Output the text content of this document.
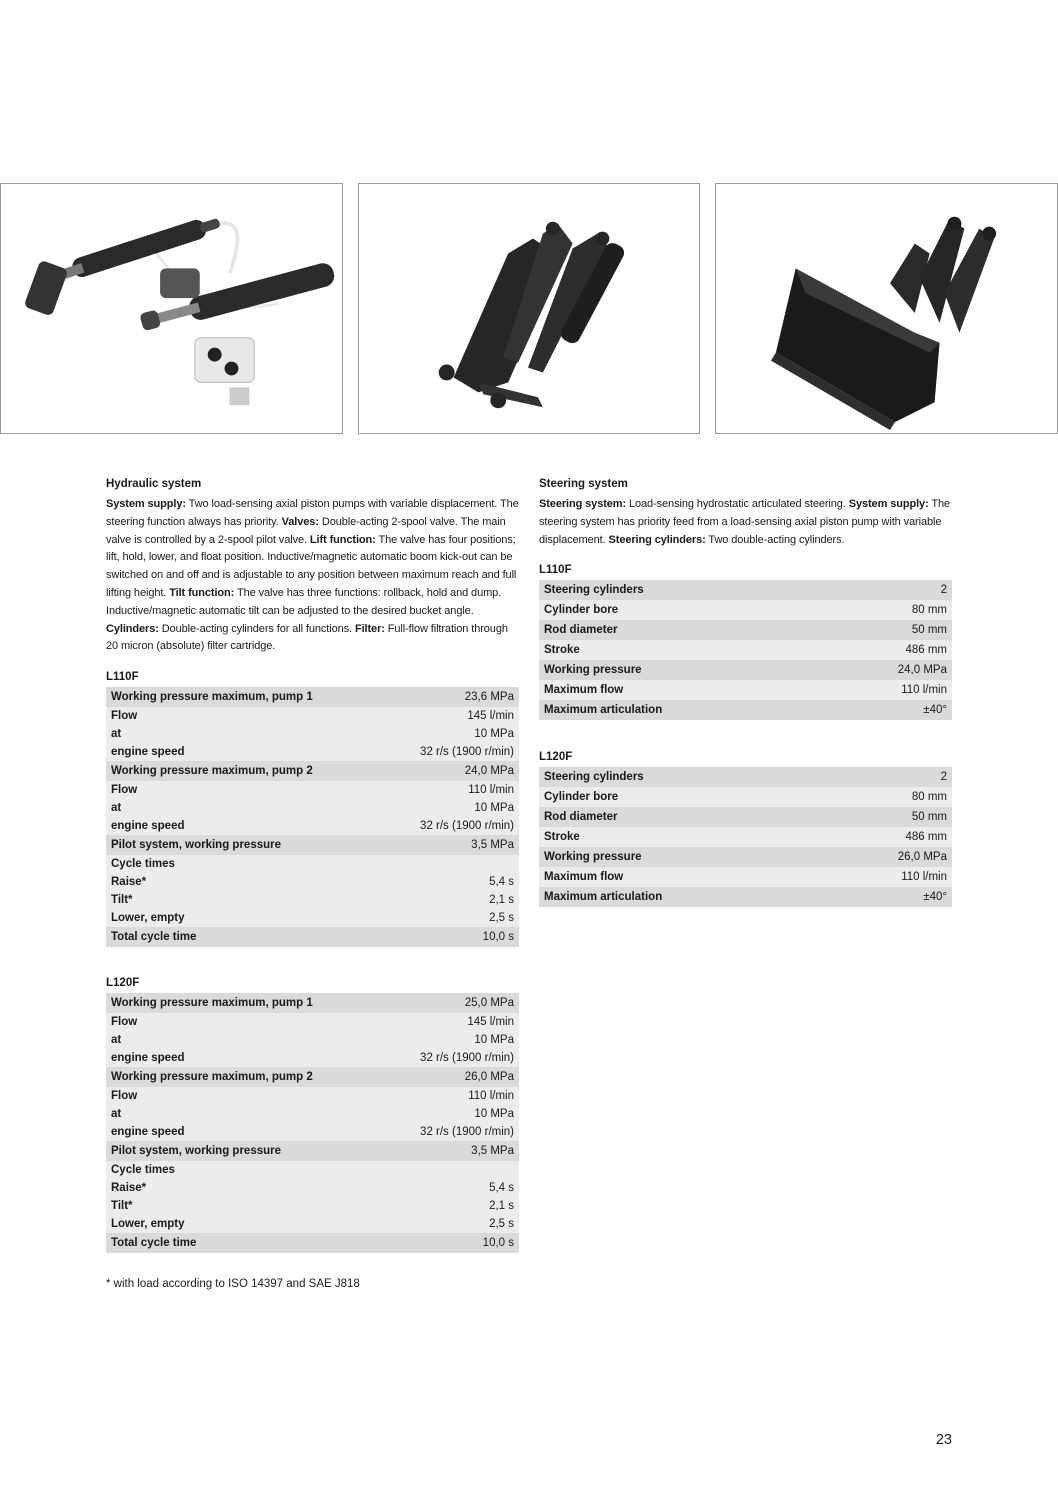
Hydraulic system

System supply: Two load-sensing axial piston pumps with variable displacement. The steering function always has priority. Valves: Double-acting 2-spool valve. The main valve is controlled by a 2-spool pilot valve. Lift function: The valve has four positions; lift, hold, lower, and float position. Inductive/magnetic automatic boom kick-out can be switched on and off and is adjustable to any position between maximum reach and full lifting height. Tilt function: The valve has three functions: rollback, hold and dump. Inductive/magnetic automatic tilt can be adjusted to the desired bucket angle. Cylinders: Double-acting cylinders for all functions. Filter: Full-flow filtration through 20 micron (absolute) filter cartridge.

L110F
Working pressure maximum, pump 1	23,6 MPa
Flow	145 l/min
at	10 MPa
engine speed	32 r/s (1900 r/min)
Working pressure maximum, pump 2	24,0 MPa
Flow	110 l/min
at	10 MPa
engine speed	32 r/s (1900 r/min)
Pilot system, working pressure	3,5 MPa
Cycle times	
Raise*	5,4 s
Tilt*	2,1 s
Lower, empty	2,5 s
Total cycle time	10,0 s
L120F
Working pressure maximum, pump 1	25,0 MPa
Flow	145 l/min
at	10 MPa
engine speed	32 r/s (1900 r/min)
Working pressure maximum, pump 2	26,0 MPa
Flow	110 l/min
at	10 MPa
engine speed	32 r/s (1900 r/min)
Pilot system, working pressure	3,5 MPa
Cycle times	
Raise*	5,4 s
Tilt*	2,1 s
Lower, empty	2,5 s
Total cycle time	10,0 s
* with load according to ISO 14397 and SAE J818
Steering system

Steering system: Load-sensing hydrostatic articulated steering. System supply: The steering system has priority feed from a load-sensing axial piston pump with variable displacement. Steering cylinders: Two double-acting cylinders.

L110F
Steering cylinders	2
Cylinder bore	80 mm
Rod diameter	50 mm
Stroke	486 mm
Working pressure	24,0 MPa
Maximum flow	110 l/min
Maximum articulation	±40°
L120F
Steering cylinders	2
Cylinder bore	80 mm
Rod diameter	50 mm
Stroke	486 mm
Working pressure	26,0 MPa
Maximum flow	110 l/min
Maximum articulation	±40°
23
